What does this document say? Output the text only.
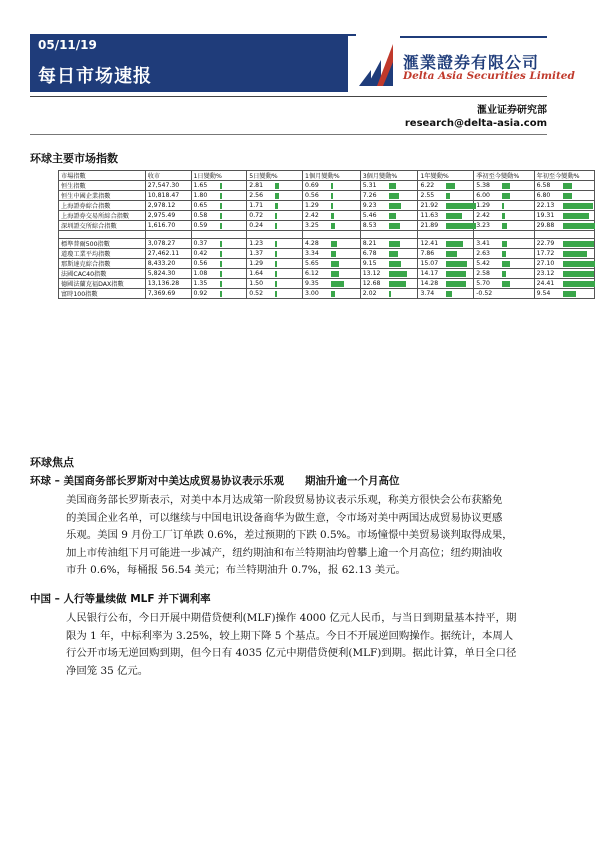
05/11/19
每日市场速报
滙業證券有限公司
Delta Asia Securities Limited
滙业证券研究部
research@delta-asia.com
环球主要市场指数
市場指數	收市	1日變動%	5日變動%	1個月變動%	3個月變動%	1年變動%	季初至今變動%	年初至今變動%
恒生指數	27,547.30	1.65	2.81	0.69	5.31	6.22	5.38	6.58
恒生中國企業指數	10,818.47	1.80	2.56	0.56	7.26	2.55	6.00	6.80
上海證券綜合指數	2,978.12	0.65	1.71	1.29	9.23	21.92	1.29	22.13
上海證券交易所綜合指數	2,975.49	0.58	0.72	2.42	5.46	11.63	2.42	19.31
深圳證交所綜合指數	1,616.70	0.59	0.24	3.25	8.53	21.89	3.23	29.88

標準普爾500指數	3,078.27	0.37	1.23	4.28	8.21	12.41	3.41	22.79
道瓊工業平均指數	27,462.11	0.42	1.37	3.34	6.78	7.86	2.63	17.72
那斯達克綜合指數	8,433.20	0.56	1.29	5.65	9.15	15.07	5.42	27.10
法國CAC40指數	5,824.30	1.08	1.64	6.12	13.12	14.17	2.58	23.12
德國法蘭克福DAX指數	13,136.28	1.35	1.50	9.35	12.68	14.28	5.70	24.41
富時100指數	7,369.69	0.92	0.52	3.00	2.02	3.74	-0.52	9.54
环球焦点
环球 – 美国商务部长罗斯对中美达成贸易协议表示乐观　　期油升逾一个月高位
美国商务部长罗斯表示，对美中本月达成第一阶段贸易协议表示乐观，称美方很快会公布获豁免
的美国企业名单，可以继续与中国电讯设备商华为做生意，令市场对美中两国达成贸易协议更感
乐观。美国 9 月份工厂订单跌 0.6%，差过预期的下跌 0.5%。市场憧憬中美贸易谈判取得成果，
加上市传油组下月可能进一步减产，纽约期油和布兰特期油均曾攀上逾一个月高位；纽约期油收
市升 0.6%，每桶报 56.54 美元；布兰特期油升 0.7%，报 62.13 美元。
中国 – 人行等量续做 MLF 并下调利率
人民银行公布，今日开展中期借贷便利(MLF)操作 4000 亿元人民币，与当日到期量基本持平，期
限为 1 年，中标利率为 3.25%，较上期下降 5 个基点。今日不开展逆回购操作。据统计，本周人
行公开市场无逆回购到期，但今日有 4035 亿元中期借贷便利(MLF)到期。据此计算，单日全口径
净回笼 35 亿元。
